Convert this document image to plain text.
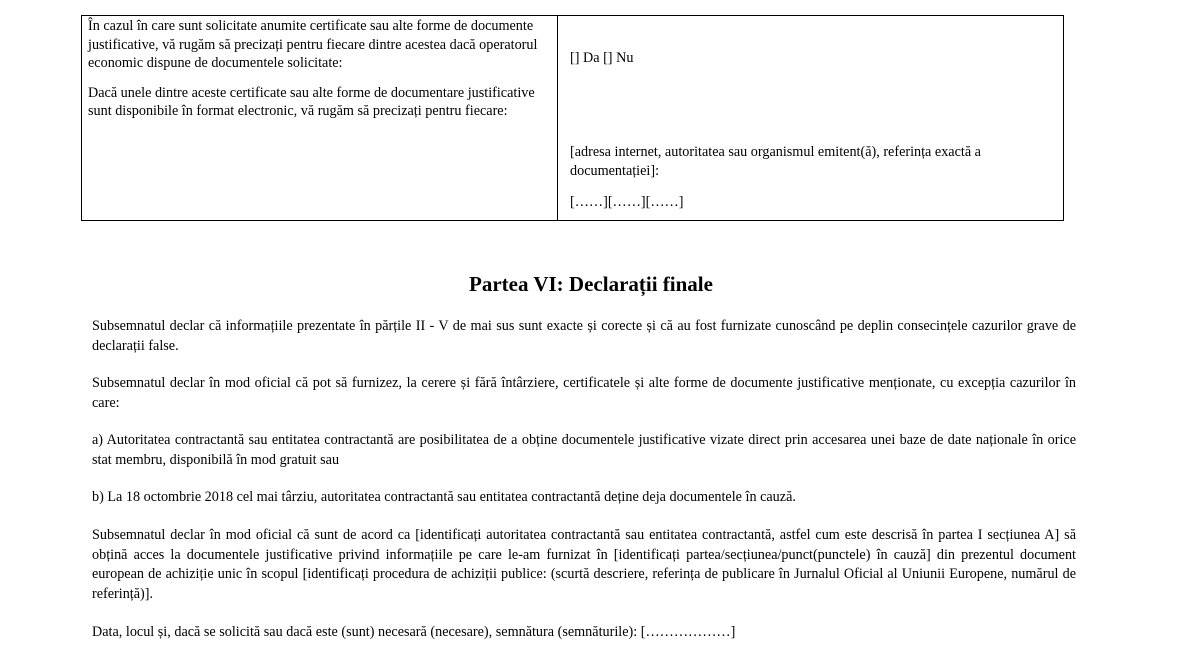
În cazul în care sunt solicitate anumite certificate sau alte forme de documente justificative, vă rugăm să precizați pentru fiecare dintre acestea dacă operatorul economic dispune de documentele solicitate:

Dacă unele dintre aceste certificate sau alte forme de documentare justificative sunt disponibile în format electronic, vă rugăm să precizați pentru fiecare:

[] Da [] Nu
[adresa internet, autoritatea sau organismul emitent(ă), referința exactă a documentației]:
[……][……][……]
Partea VI: Declarații finale

Subsemnatul declar că informațiile prezentate în părțile II - V de mai sus sunt exacte și corecte și că au fost furnizate cunoscând pe deplin consecințele cazurilor grave de declarații false.

Subsemnatul declar în mod oficial că pot să furnizez, la cerere și fără întârziere, certificatele și alte forme de documente justificative menționate, cu excepția cazurilor în care:

a) Autoritatea contractantă sau entitatea contractantă are posibilitatea de a obține documentele justificative vizate direct prin accesarea unei baze de date naționale în orice stat membru, disponibilă în mod gratuit sau

b) La 18 octombrie 2018 cel mai târziu, autoritatea contractantă sau entitatea contractantă deține deja documentele în cauză.

Subsemnatul declar în mod oficial că sunt de acord ca [identificați autoritatea contractantă sau entitatea contractantă, astfel cum este descrisă în partea I secțiunea A] să obțină acces la documentele justificative privind informațiile pe care le-am furnizat în [identificați partea/secțiunea/punct(punctele) în cauză] din prezentul document european de achiziție unic în scopul [identificați procedura de achiziții publice: (scurtă descriere, referința de publicare în Jurnalul Oficial al Uniunii Europene, numărul de referință)].

Data, locul și, dacă se solicită sau dacă este (sunt) necesară (necesare), semnătura (semnăturile): [………………]
